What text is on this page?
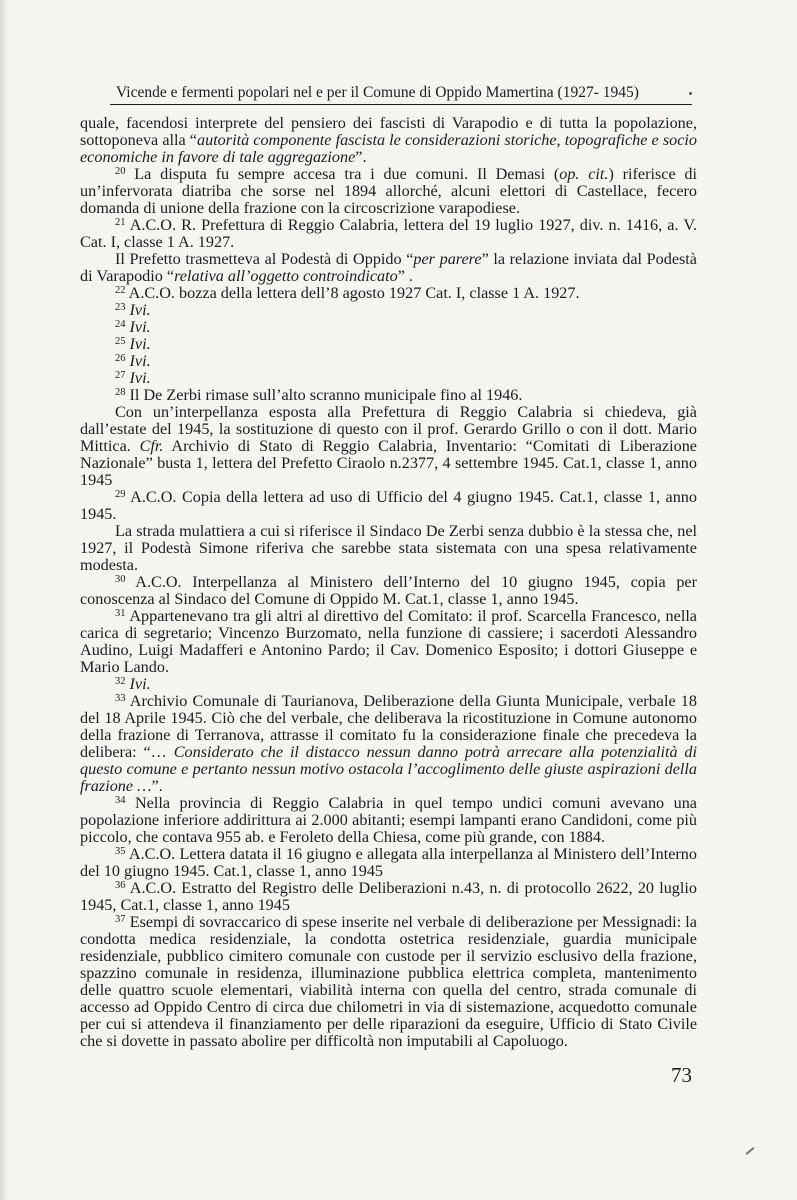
Vicende e fermenti popolari nel e per il Comune di Oppido Mamertina (1927- 1945)

quale, facendosi interprete del pensiero dei fascisti di Varapodio e di tutta la popolazione, sottoponeva alla “autorità componente fascista le considerazioni storiche, topografiche e socio economiche in favore di tale aggregazione”.

$^{20}$ La disputa fu sempre accesa tra i due comuni. Il Demasi (op. cit.) riferisce di un’infervorata diatriba che sorse nel 1894 allorché, alcuni elettori di Castellace, fecero domanda di unione della frazione con la circoscrizione varapodiese.

$^{21}$ A.C.O. R. Prefettura di Reggio Calabria, lettera del 19 luglio 1927, div. n. 1416, a. V. Cat. I, classe 1 A. 1927.

Il Prefetto trasmetteva al Podestà di Oppido “per parere” la relazione inviata dal Podestà di Varapodio “relativa all’oggetto controindicato” .

$^{22}$ A.C.O. bozza della lettera dell’8 agosto 1927 Cat. I, classe 1 A. 1927.

$^{23}$ Ivi.

$^{24}$ Ivi.

$^{25}$ Ivi.

$^{26}$ Ivi.

$^{27}$ Ivi.

$^{28}$ Il De Zerbi rimase sull’alto scranno municipale fino al 1946.

Con un’interpellanza esposta alla Prefettura di Reggio Calabria si chiedeva, già dall’estate del 1945, la sostituzione di questo con il prof. Gerardo Grillo o con il dott. Mario Mittica. Cfr. Archivio di Stato di Reggio Calabria, Inventario: “Comitati di Liberazione Nazionale” busta 1, lettera del Prefetto Ciraolo n.2377, 4 settembre 1945. Cat.1, classe 1, anno 1945

$^{29}$ A.C.O. Copia della lettera ad uso di Ufficio del 4 giugno 1945. Cat.1, classe 1, anno 1945.

La strada mulattiera a cui si riferisce il Sindaco De Zerbi senza dubbio è la stessa che, nel 1927, il Podestà Simone riferiva che sarebbe stata sistemata con una spesa relativamente modesta.

$^{30}$ A.C.O. Interpellanza al Ministero dell’Interno del 10 giugno 1945, copia per conoscenza al Sindaco del Comune di Oppido M. Cat.1, classe 1, anno 1945.

$^{31}$ Appartenevano tra gli altri al direttivo del Comitato: il prof. Scarcella Francesco, nella carica di segretario; Vincenzo Burzomato, nella funzione di cassiere; i sacerdoti Alessandro Audino, Luigi Madafferi e Antonino Pardo; il Cav. Domenico Esposito; i dottori Giuseppe e Mario Lando.

$^{32}$ Ivi.

$^{33}$ Archivio Comunale di Taurianova, Deliberazione della Giunta Municipale, verbale 18 del 18 Aprile 1945. Ciò che del verbale, che deliberava la ricostituzione in Comune autonomo della frazione di Terranova, attrasse il comitato fu la considerazione finale che precedeva la delibera: “… Considerato che il distacco nessun danno potrà arrecare alla potenzialità di questo comune e pertanto nessun motivo ostacola l’accoglimento delle giuste aspirazioni della frazione …”.

$^{34}$ Nella provincia di Reggio Calabria in quel tempo undici comuni avevano una popolazione inferiore addirittura ai 2.000 abitanti; esempi lampanti erano Candidoni, come più piccolo, che contava 955 ab. e Feroleto della Chiesa, come più grande, con 1884.

$^{35}$ A.C.O. Lettera datata il 16 giugno e allegata alla interpellanza al Ministero dell’Interno del 10 giugno 1945. Cat.1, classe 1, anno 1945

$^{36}$ A.C.O. Estratto del Registro delle Deliberazioni n.43, n. di protocollo 2622, 20 luglio 1945, Cat.1, classe 1, anno 1945

$^{37}$ Esempi di sovraccarico di spese inserite nel verbale di deliberazione per Messignadi: la condotta medica residenziale, la condotta ostetrica residenziale, guardia municipale residenziale, pubblico cimitero comunale con custode per il servizio esclusivo della frazione, spazzino comunale in residenza, illuminazione pubblica elettrica completa, mantenimento delle quattro scuole elementari, viabilità interna con quella del centro, strada comunale di accesso ad Oppido Centro di circa due chilometri in via di sistemazione, acquedotto comunale per cui si attendeva il finanziamento per delle riparazioni da eseguire, Ufficio di Stato Civile che si dovette in passato abolire per difficoltà non imputabili al Capoluogo.

73
